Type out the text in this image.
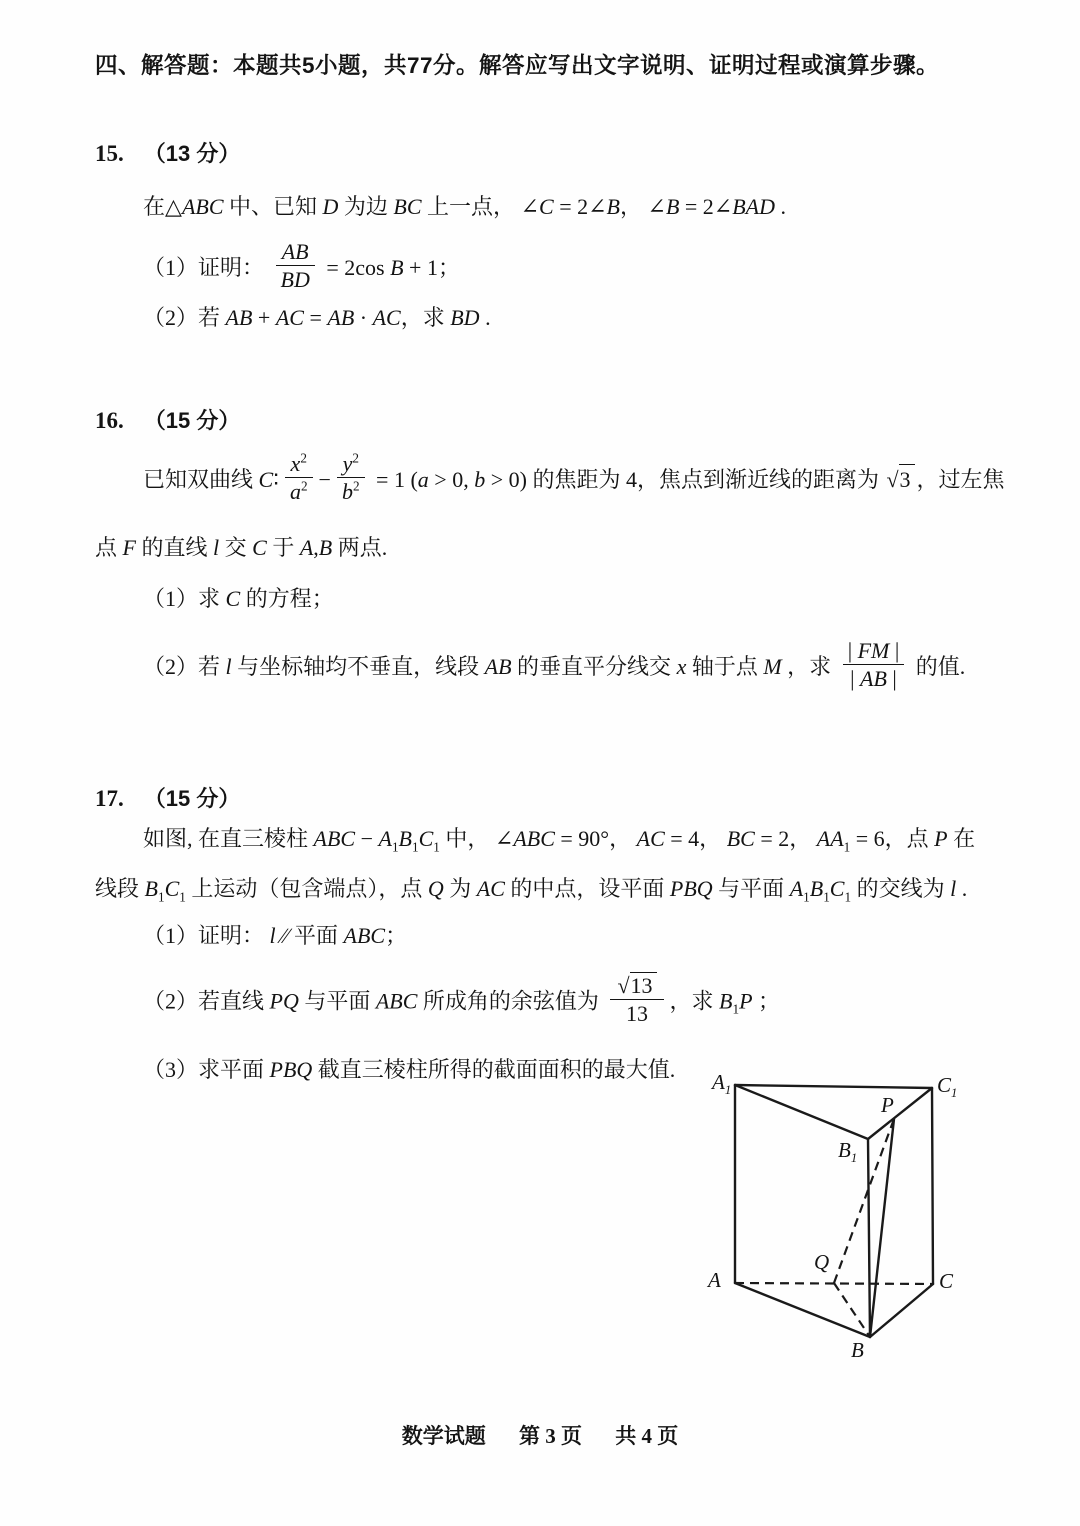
四、解答题：本题共5小题，共77分。解答应写出文字说明、证明过程或演算步骤。
15. （13 分）
在△ABC 中、已知 D 为边 BC 上一点， ∠C = 2∠B， ∠B = 2∠BAD .
（1）证明： $\frac{AB}{BD} = 2\cos$ B + 1；
（2）若 AB + AC = AB · AC，求 BD .
16. （15 分）
已知双曲线 C∶ $\frac{x^2}{a^2} - \frac{y^2}{b^2} = 1$ (a > 0, b > 0) 的焦距为 4，焦点到渐近线的距离为 √3 ，过左焦
点 F 的直线 l 交 C 于 A,B 两点.
（1）求 C 的方程；
（2）若 l 与坐标轴均不垂直，线段 AB 的垂直平分线交 x 轴于点 M ，求 $\frac{| FM |}{| AB |}$ 的值.
17. （15 分）
如图, 在直三棱柱 ABC − $A_1B_1C_1$ 中， ∠ABC = 90°， AC = 4， BC = 2， $AA_1 = 6$，点 P 在
线段 $B_1C_1$ 上运动（包含端点），点 Q 为 AC 的中点，设平面 PBQ 与平面 $A_1B_1C_1$ 的交线为 l .
（1）证明： l ∕∕ 平面 ABC；
（2）若直线 PQ 与平面 ABC 所成角的余弦值为 $\frac{√13}{13}$ ，求 $B_1P$ ；
（3）求平面 PBQ 截直三棱柱所得的截面面积的最大值. $A_1$	$C_1$
P
$B_1$
A
Q
C
B
数学试题 第 3 页 共 4 页
